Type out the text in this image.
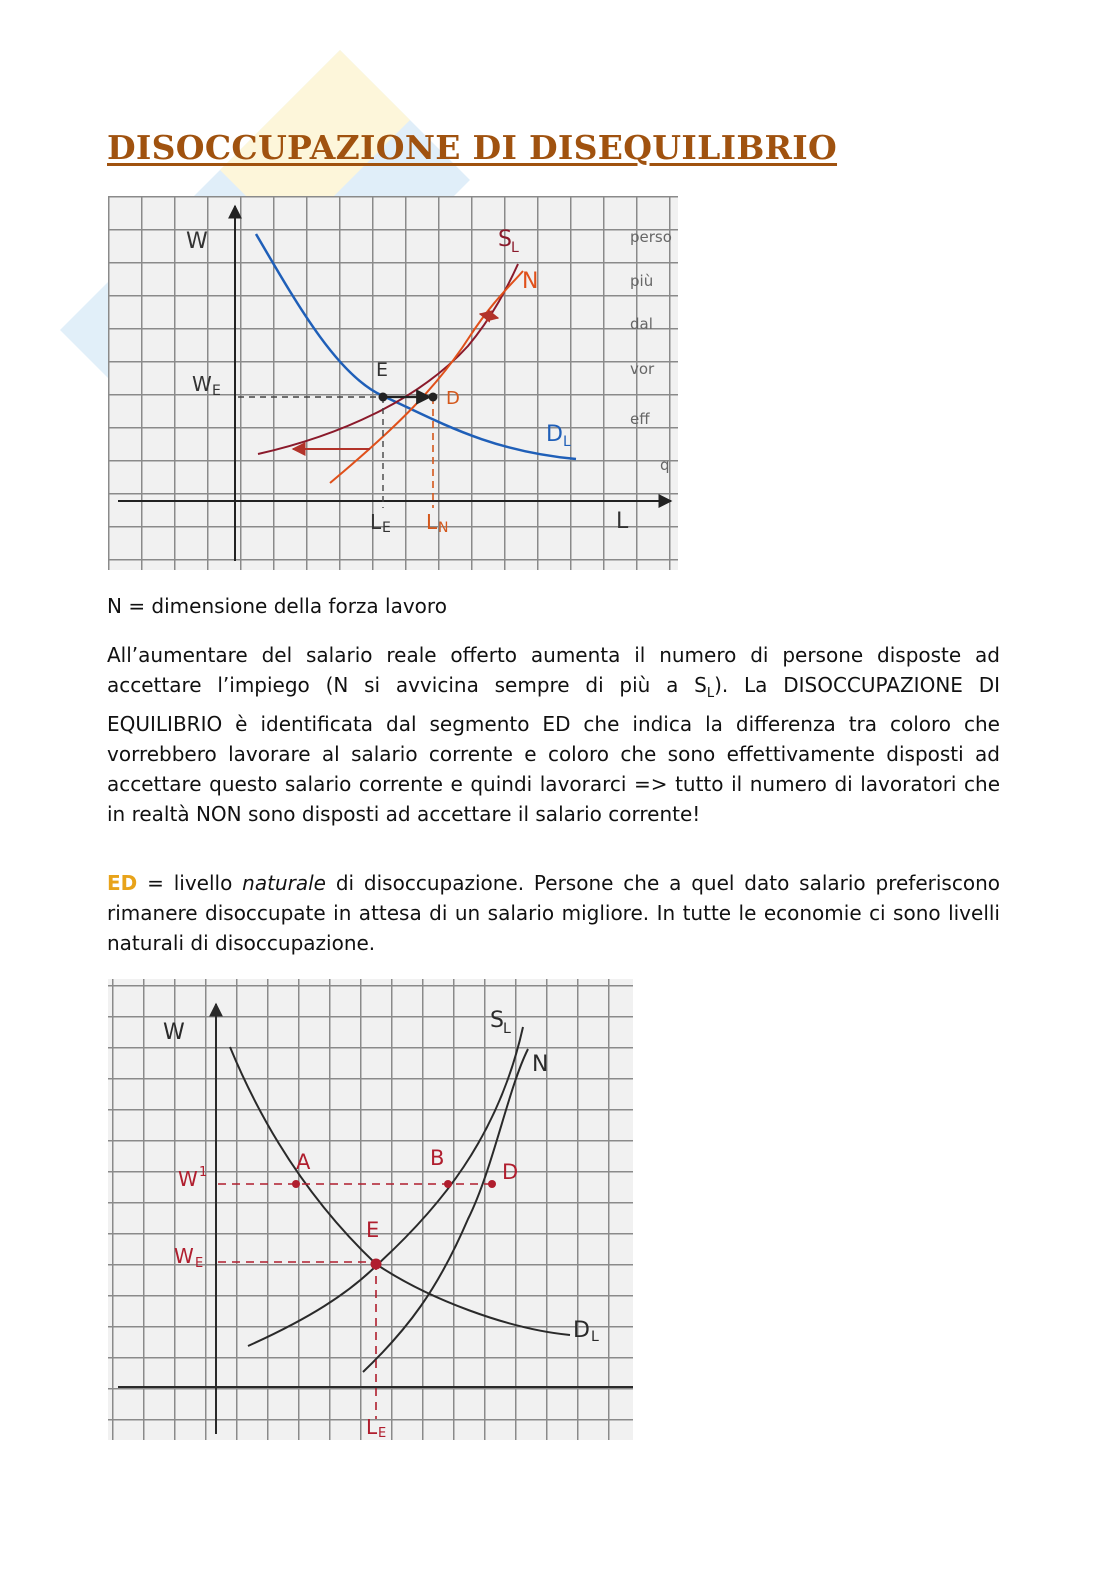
DISOCCUPAZIONE DI DISEQUILIBRIO
W
L
S L
N
D L
E
D
W E
L E L N
perso
più
dal
vor
eff
q

N = dimensione della forza lavoro

All’aumentare del salario reale offerto aumenta il numero di persone disposte ad accettare l’impiego (N si avvicina sempre di più a $S_L$). La DISOCCUPAZIONE DI EQUILIBRIO è identificata dal segmento ED che indica la differenza tra coloro che vorrebbero lavorare al salario corrente e coloro che sono effettivamente disposti ad accettare questo salario corrente e quindi lavorarci => tutto il numero di lavoratori che in realtà NON sono disposti ad accettare il salario corrente!

ED = livello naturale di disoccupazione. Persone che a quel dato salario preferiscono rimanere disoccupate in attesa di un salario migliore. In tutte le economie ci sono livelli naturali di disoccupazione.

W	S L
N
D L
A	B
D
E
W 1
W E
L E
